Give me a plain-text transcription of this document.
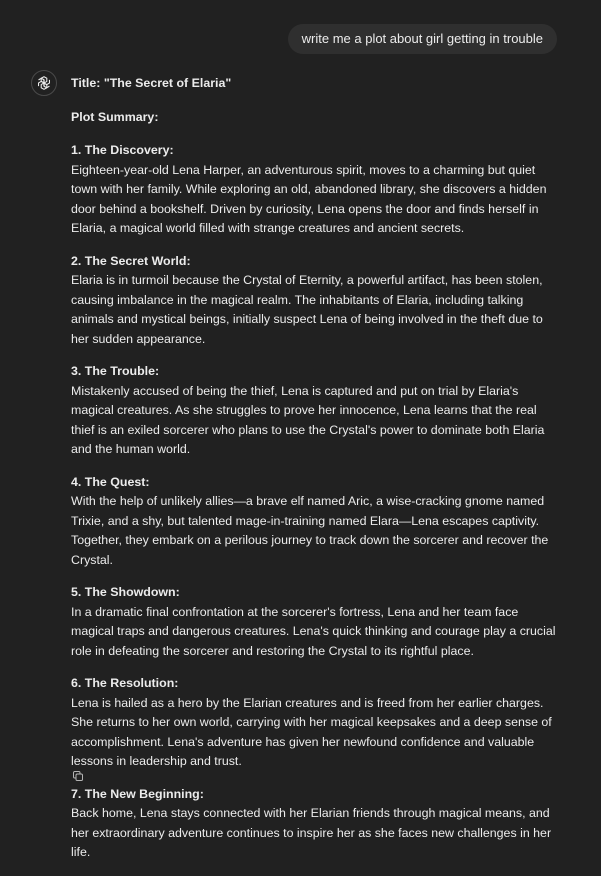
write me a plot about girl getting in trouble

Title: "The Secret of Elaria"

Plot Summary:

1. The Discovery:

Eighteen-year-old Lena Harper, an adventurous spirit, moves to a charming but quiet town with her family. While exploring an old, abandoned library, she discovers a hidden door behind a bookshelf. Driven by curiosity, Lena opens the door and finds herself in Elaria, a magical world filled with strange creatures and ancient secrets.

2. The Secret World:

Elaria is in turmoil because the Crystal of Eternity, a powerful artifact, has been stolen, causing imbalance in the magical realm. The inhabitants of Elaria, including talking animals and mystical beings, initially suspect Lena of being involved in the theft due to her sudden appearance.

3. The Trouble:

Mistakenly accused of being the thief, Lena is captured and put on trial by Elaria's magical creatures. As she struggles to prove her innocence, Lena learns that the real thief is an exiled sorcerer who plans to use the Crystal's power to dominate both Elaria and the human world.

4. The Quest:

With the help of unlikely allies—a brave elf named Aric, a wise-cracking gnome named Trixie, and a shy, but talented mage-in-training named Elara—Lena escapes captivity. Together, they embark on a perilous journey to track down the sorcerer and recover the Crystal.

5. The Showdown:

In a dramatic final confrontation at the sorcerer's fortress, Lena and her team face magical traps and dangerous creatures. Lena's quick thinking and courage play a crucial role in defeating the sorcerer and restoring the Crystal to its rightful place.

6. The Resolution:

Lena is hailed as a hero by the Elarian creatures and is freed from her earlier charges. She returns to her own world, carrying with her magical keepsakes and a deep sense of accomplishment. Lena's adventure has given her newfound confidence and valuable lessons in leadership and trust.

7. The New Beginning:

Back home, Lena stays connected with her Elarian friends through magical means, and her extraordinary adventure continues to inspire her as she faces new challenges in her life.
